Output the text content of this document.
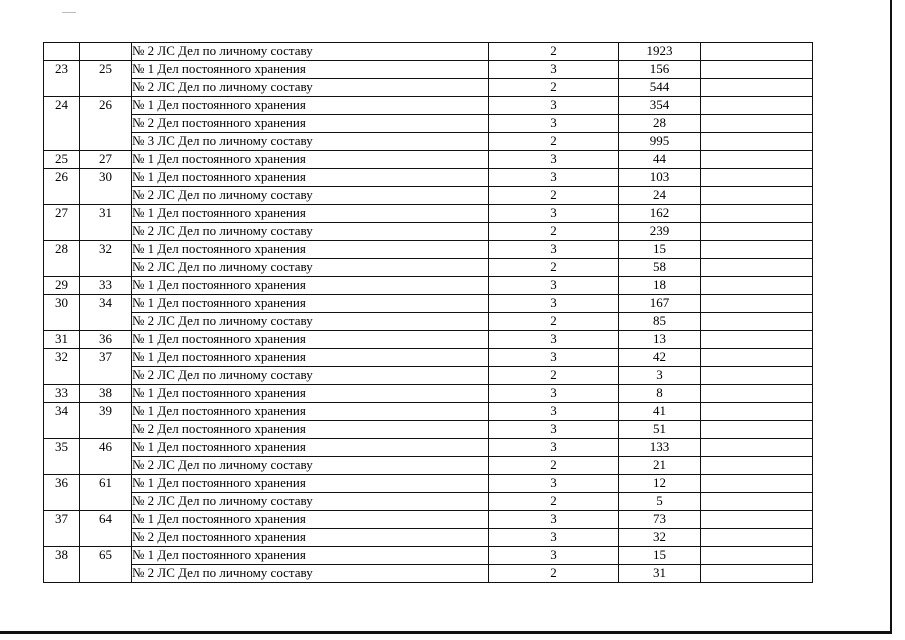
		№ 2 ЛС Дел по личному составу	2	1923	
23	25	№ 1 Дел постоянного хранения	3	156	
		№ 2 ЛС Дел по личному составу	2	544	
24	26	№ 1 Дел постоянного хранения	3	354	
		№ 2 Дел постоянного хранения	3	28	
		№ 3 ЛС Дел по личному составу	2	995	
25	27	№ 1 Дел постоянного хранения	3	44	
26	30	№ 1 Дел постоянного хранения	3	103	
		№ 2 ЛС Дел по личному составу	2	24	
27	31	№ 1 Дел постоянного хранения	3	162	
		№ 2 ЛС Дел по личному составу	2	239	
28	32	№ 1 Дел постоянного хранения	3	15	
		№ 2 ЛС Дел по личному составу	2	58	
29	33	№ 1 Дел постоянного хранения	3	18	
30	34	№ 1 Дел постоянного хранения	3	167	
		№ 2 ЛС Дел по личному составу	2	85	
31	36	№ 1 Дел постоянного хранения	3	13	
32	37	№ 1 Дел постоянного хранения	3	42	
		№ 2 ЛС Дел по личному составу	2	3	
33	38	№ 1 Дел постоянного хранения	3	8	
34	39	№ 1 Дел постоянного хранения	3	41	
		№ 2 Дел постоянного хранения	3	51	
35	46	№ 1 Дел постоянного хранения	3	133	
		№ 2 ЛС Дел по личному составу	2	21	
36	61	№ 1 Дел постоянного хранения	3	12	
		№ 2 ЛС Дел по личному составу	2	5	
37	64	№ 1 Дел постоянного хранения	3	73	
		№ 2 Дел постоянного хранения	3	32	
38	65	№ 1 Дел постоянного хранения	3	15	
		№ 2 ЛС Дел по личному составу	2	31	
